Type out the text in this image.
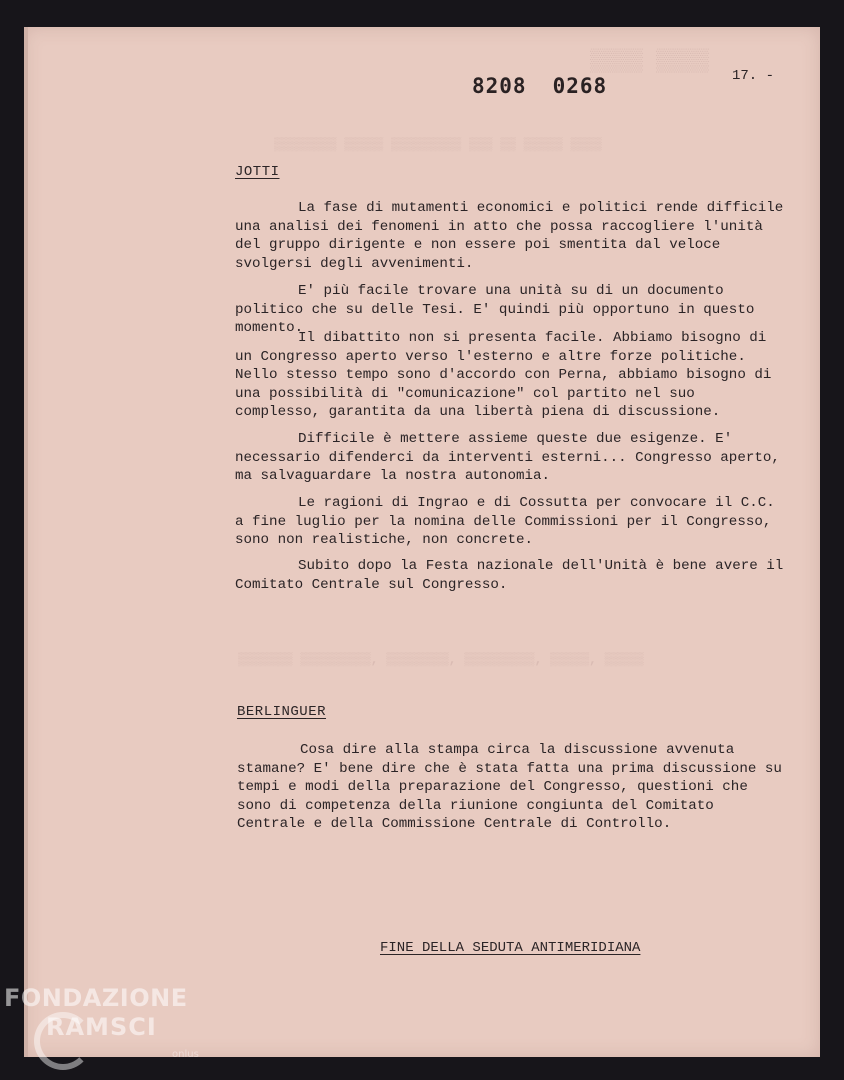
▒▒▒▒ ▒▒▒▒
▒▒▒▒▒▒▒▒ ▒▒▒▒▒ ▒▒▒▒▒▒▒▒▒ ▒▒▒ ▒▒ ▒▒▒▒▒ ▒▒▒▒
▒▒▒▒▒▒▒ ▒▒▒▒▒▒▒▒▒, ▒▒▒▒▒▒▒▒, ▒▒▒▒▒▒▒▒▒, ▒▒▒▒▒, ▒▒▒▒▒
8208 0268	17. -
JOTTI

La fase di mutamenti economici e politici rende difficile una analisi dei fenomeni in atto che possa raccogliere l'unità del gruppo dirigente e non essere poi smentita dal veloce svolgersi degli avvenimenti.

E' più facile trovare una unità su di un documento politico che su delle Tesi. E' quindi più opportuno in questo momento.

Il dibattito non si presenta facile. Abbiamo bisogno di un Congresso aperto verso l'esterno e altre forze politiche. Nello stesso tempo sono d'accordo con Perna, abbiamo bisogno di una possibilità di "comunicazione" col partito nel suo complesso, garantita da una libertà piena di discussione.

Difficile è mettere assieme queste due esigenze. E' necessario difenderci da interventi esterni... Congresso aperto, ma salvaguardare la nostra autonomia.

Le ragioni di Ingrao e di Cossutta per convocare il C.C. a fine luglio per la nomina delle Commissioni per il Congresso, sono non realistiche, non concrete.

Subito dopo la Festa nazionale dell'Unità è bene avere il Comitato Centrale sul Congresso.

BERLINGUER

Cosa dire alla stampa circa la discussione avvenuta stamane? E' bene dire che è stata fatta una prima discussione su tempi e modi della preparazione del Congresso, questioni che sono di competenza della riunione congiunta del Comitato Centrale e della Commissione Centrale di Controllo.

FINE DELLA SEDUTA ANTIMERIDIANA
FONDAZIONE
RAMSCI
onlus
